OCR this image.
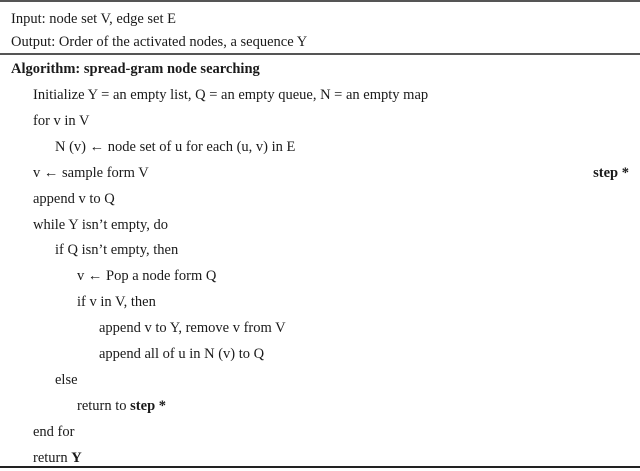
Input: node set V, edge set E
Output: Order of the activated nodes, a sequence Y
Algorithm: spread-gram node searching
Initialize Y = an empty list, Q = an empty queue, N = an empty map
for v in V
N (v) ← node set of u for each (u, v) in E
v ← sample form V	step *
append v to Q
while Y isn’t empty, do
if Q isn’t empty, then
v ← Pop a node form Q
if v in V, then
append v to Y, remove v from V
append all of u in N (v) to Q
else
return to step *
end for
return Y
